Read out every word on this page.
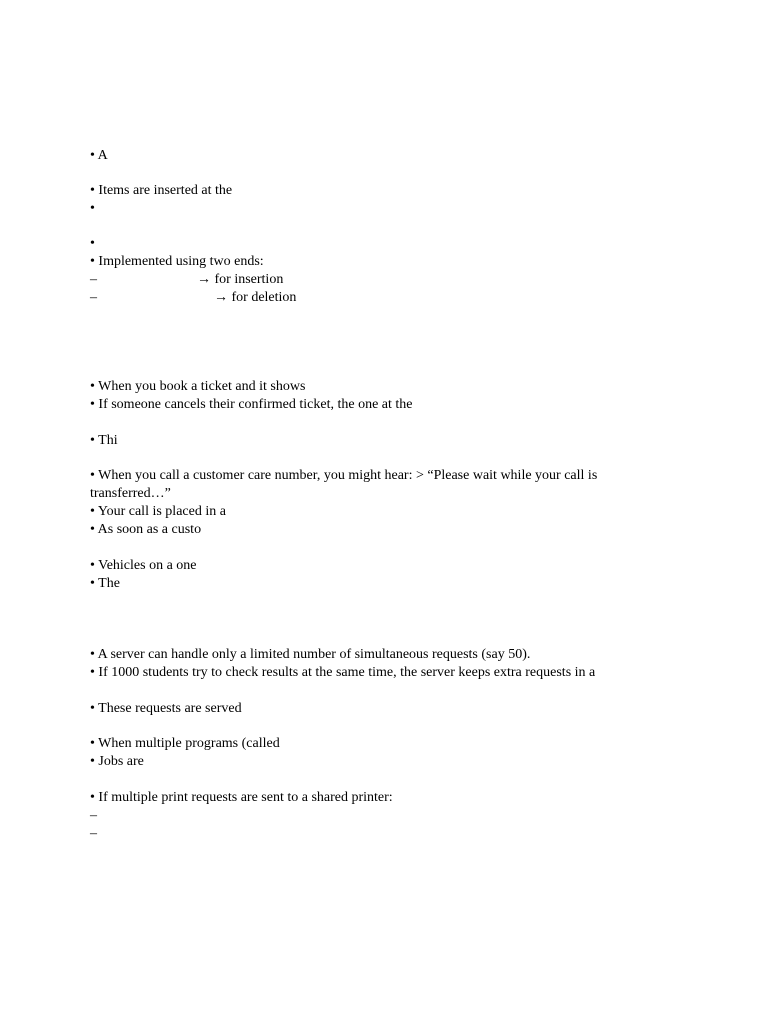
• A
• Items are inserted at the
•
•
• Implemented using two ends:
–	→ for insertion
–	→ for deletion
• When you book a ticket and it shows
• If someone cancels their confirmed ticket, the one at the
• Thi
• When you call a customer care number, you might hear: > “Please wait while your call is
transferred…”
• Your call is placed in a
• As soon as a custo
• Vehicles on a one
• The
• A server can handle only a limited number of simultaneous requests (say 50).
• If 1000 students try to check results at the same time, the server keeps extra requests in a
• These requests are served
• When multiple programs (called
• Jobs are
• If multiple print requests are sent to a shared printer:
–
–
